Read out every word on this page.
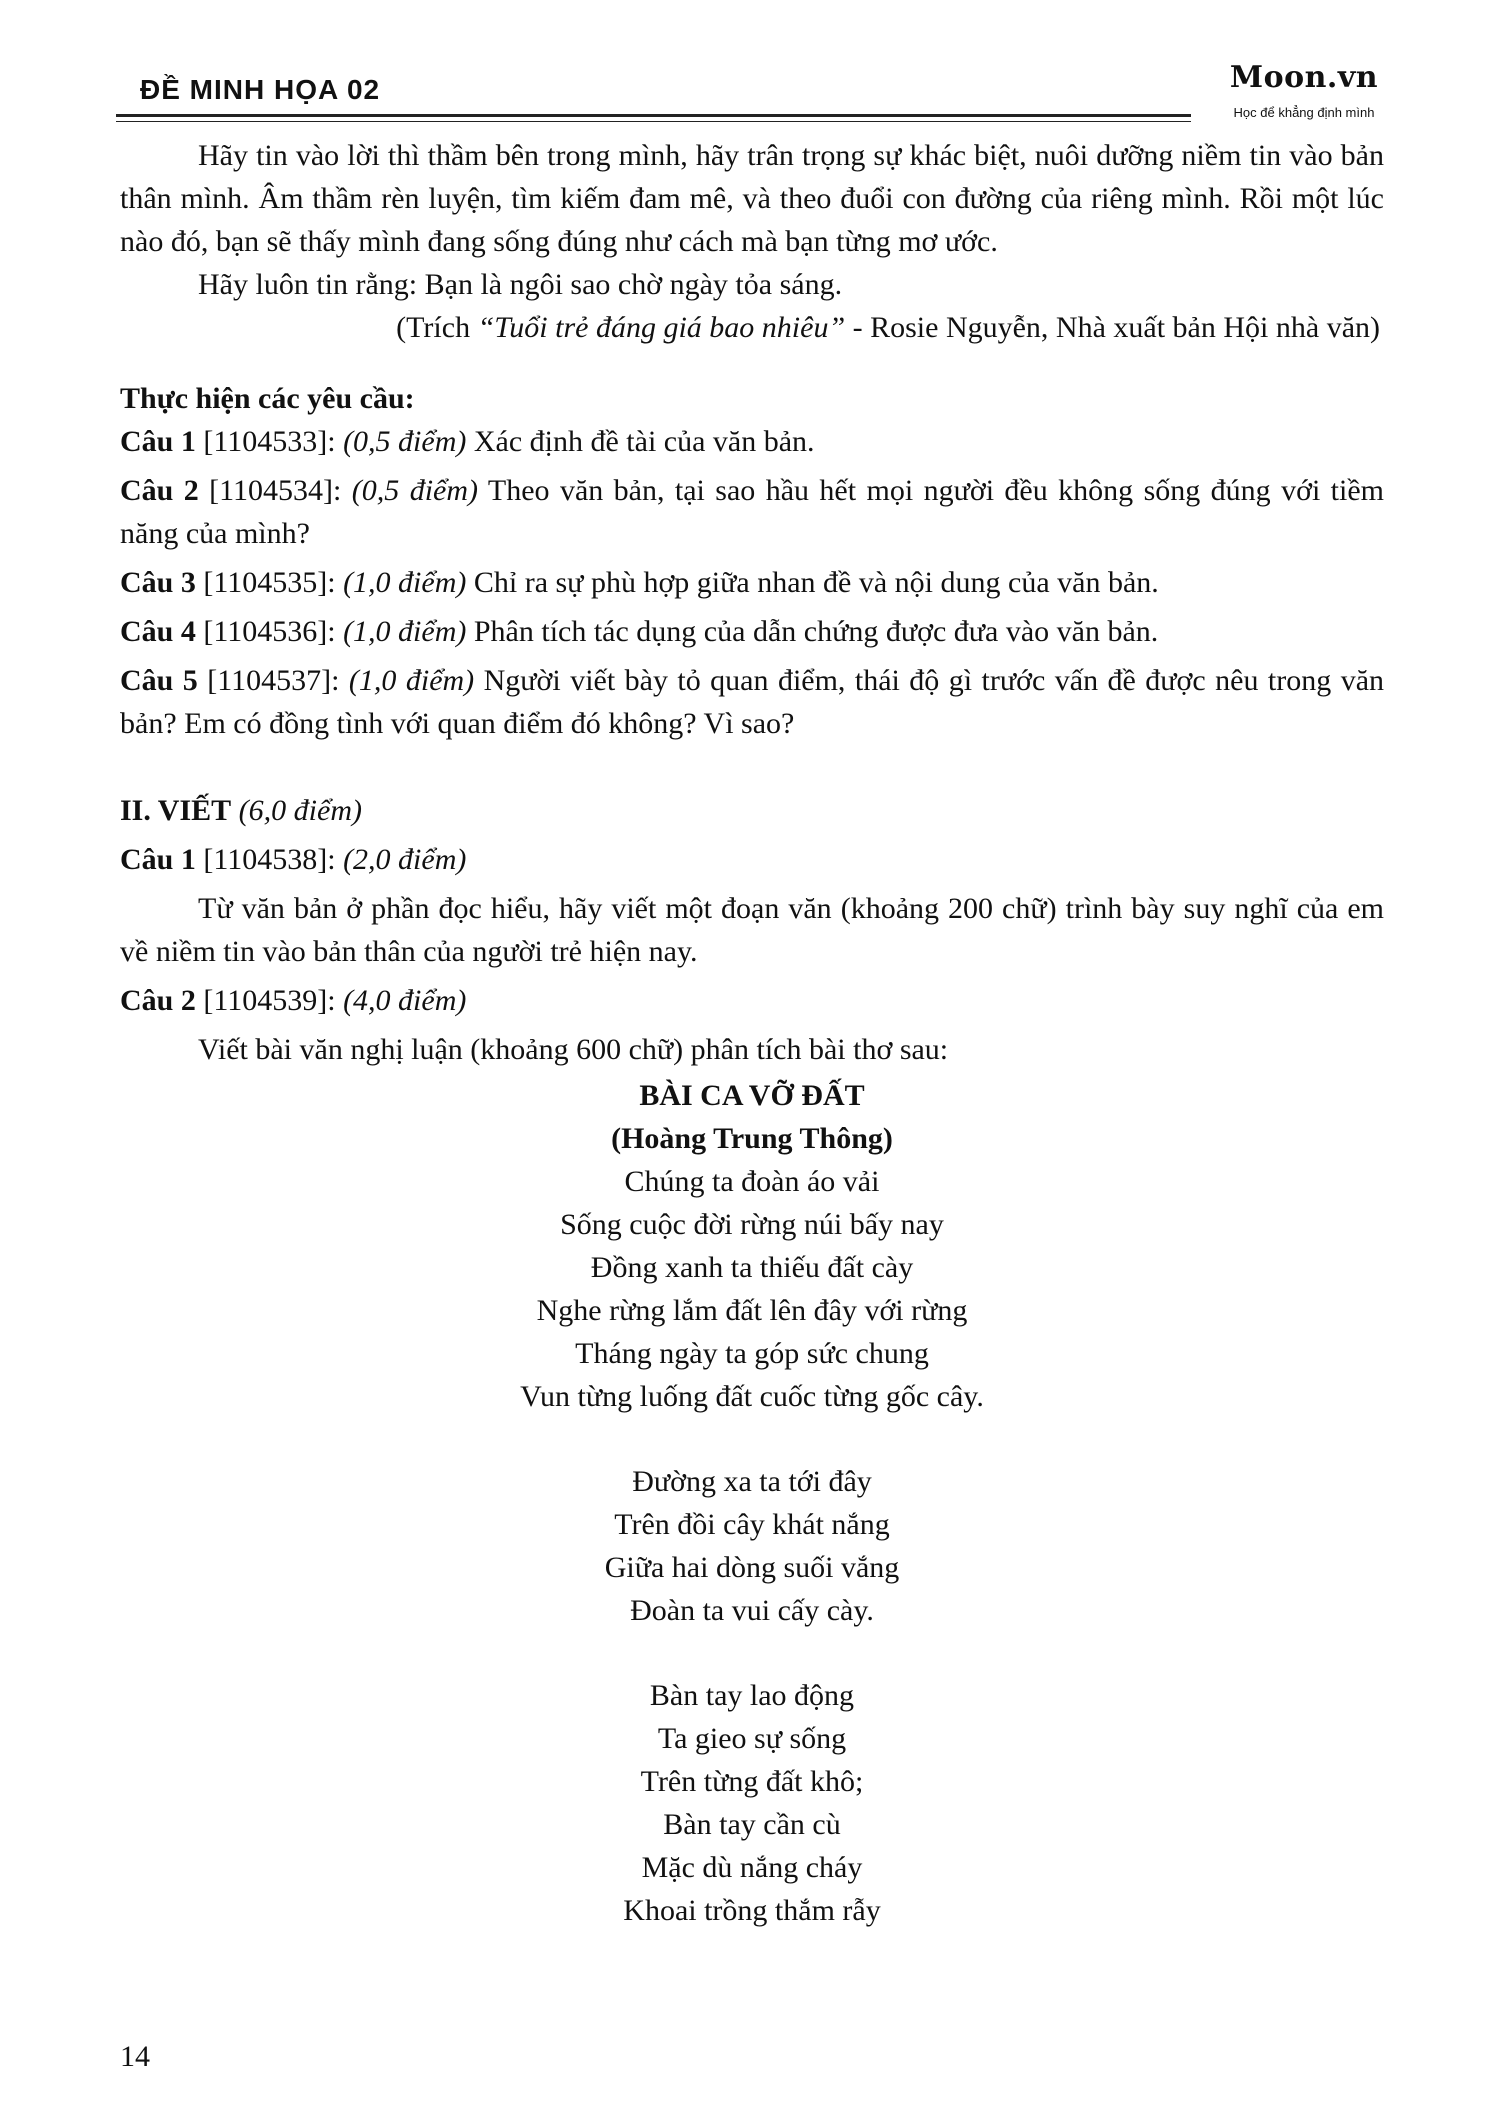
ĐỀ MINH HỌA 02	Moon.vn
Học để khẳng định mình

Hãy tin vào lời thì thầm bên trong mình, hãy trân trọng sự khác biệt, nuôi dưỡng niềm tin vào bản thân mình. Âm thầm rèn luyện, tìm kiếm đam mê, và theo đuổi con đường của riêng mình. Rồi một lúc nào đó, bạn sẽ thấy mình đang sống đúng như cách mà bạn từng mơ ước.

Hãy luôn tin rằng: Bạn là ngôi sao chờ ngày tỏa sáng.

(Trích “Tuổi trẻ đáng giá bao nhiêu” - Rosie Nguyễn, Nhà xuất bản Hội nhà văn)

Thực hiện các yêu cầu:

Câu 1 [1104533]: (0,5 điểm) Xác định đề tài của văn bản.

Câu 2 [1104534]: (0,5 điểm) Theo văn bản, tại sao hầu hết mọi người đều không sống đúng với tiềm năng của mình?

Câu 3 [1104535]: (1,0 điểm) Chỉ ra sự phù hợp giữa nhan đề và nội dung của văn bản.

Câu 4 [1104536]: (1,0 điểm) Phân tích tác dụng của dẫn chứng được đưa vào văn bản.

Câu 5 [1104537]: (1,0 điểm) Người viết bày tỏ quan điểm, thái độ gì trước vấn đề được nêu trong văn bản? Em có đồng tình với quan điểm đó không? Vì sao?

II. VIẾT (6,0 điểm)

Câu 1 [1104538]: (2,0 điểm)

Từ văn bản ở phần đọc hiểu, hãy viết một đoạn văn (khoảng 200 chữ) trình bày suy nghĩ của em về niềm tin vào bản thân của người trẻ hiện nay.

Câu 2 [1104539]: (4,0 điểm)

Viết bài văn nghị luận (khoảng 600 chữ) phân tích bài thơ sau:

BÀI CA VỠ ĐẤT

(Hoàng Trung Thông)

Chúng ta đoàn áo vải

Sống cuộc đời rừng núi bấy nay

Đồng xanh ta thiếu đất cày

Nghe rừng lắm đất lên đây với rừng

Tháng ngày ta góp sức chung

Vun từng luống đất cuốc từng gốc cây.

Đường xa ta tới đây

Trên đồi cây khát nắng

Giữa hai dòng suối vắng

Đoàn ta vui cấy cày.

Bàn tay lao động

Ta gieo sự sống

Trên từng đất khô;

Bàn tay cần cù

Mặc dù nắng cháy

Khoai trồng thắm rẫy

14
